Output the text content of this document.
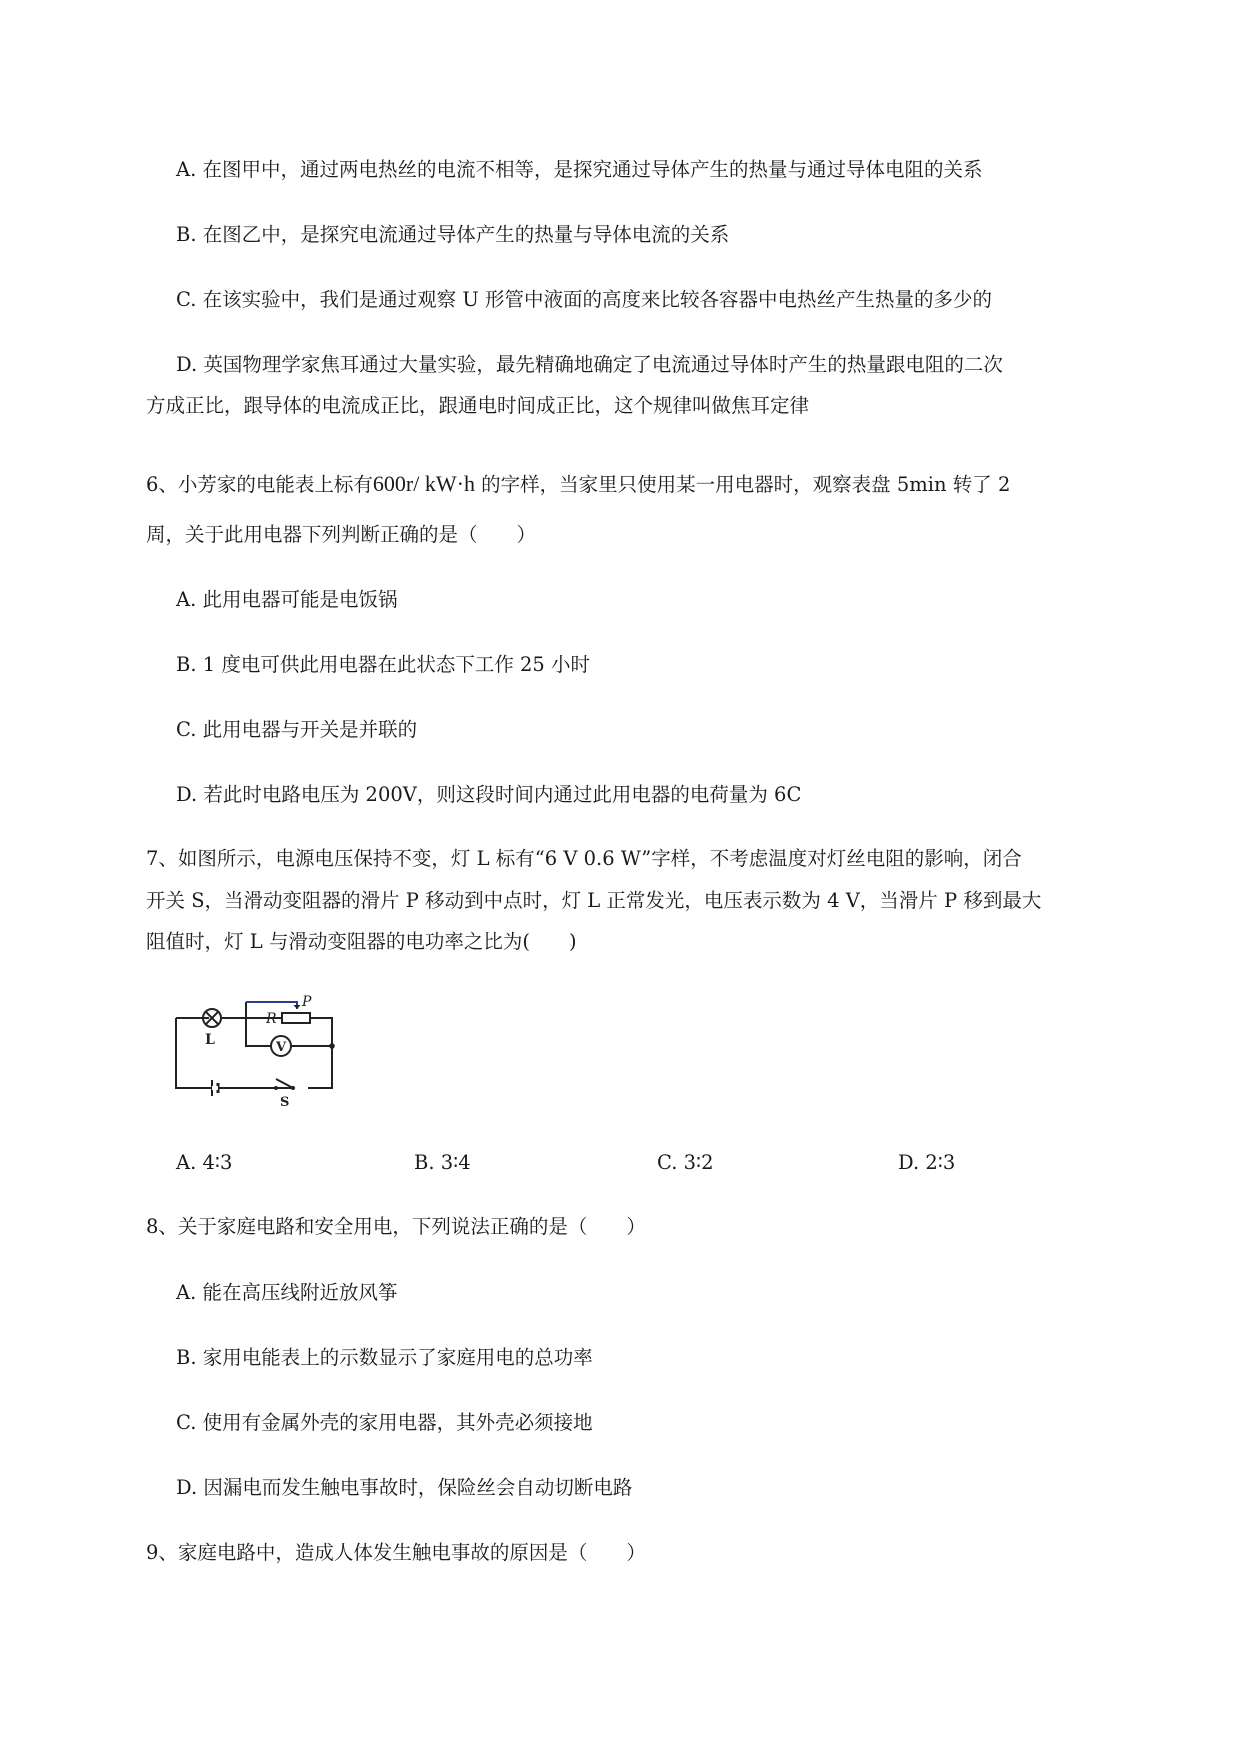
A. 在图甲中，通过两电热丝的电流不相等，是探究通过导体产生的热量与通过导体电阻的关系
B. 在图乙中，是探究电流通过导体产生的热量与导体电流的关系
C. 在该实验中，我们是通过观察 U 形管中液面的高度来比较各容器中电热丝产生热量的多少的
D. 英国物理学家焦耳通过大量实验，最先精确地确定了电流通过导体时产生的热量跟电阻的二次
方成正比，跟导体的电流成正比，跟通电时间成正比，这个规律叫做焦耳定律
6、小芳家的电能表上标有600r/ kW·h 的字样，当家里只使用某一用电器时，观察表盘 5min 转了 2
周，关于此用电器下列判断正确的是（　　）
A. 此用电器可能是电饭锅
B. 1 度电可供此用电器在此状态下工作 25 小时
C. 此用电器与开关是并联的
D. 若此时电路电压为 200V，则这段时间内通过此用电器的电荷量为 6C
7、如图所示，电源电压保持不变，灯 L 标有“6 V 0.6 W”字样，不考虑温度对灯丝电阻的影响，闭合
开关 S，当滑动变阻器的滑片 P 移动到中点时，灯 L 正常发光，电压表示数为 4 V，当滑片 P 移到最大
阻值时，灯 L 与滑动变阻器的电功率之比为(　　)
L
R
P
V
S
A. 4∶3	B. 3∶4	C. 3∶2	D. 2∶3
8、关于家庭电路和安全用电，下列说法正确的是（　　）
A. 能在高压线附近放风筝
B. 家用电能表上的示数显示了家庭用电的总功率
C. 使用有金属外壳的家用电器，其外壳必须接地
D. 因漏电而发生触电事故时，保险丝会自动切断电路
9、家庭电路中，造成人体发生触电事故的原因是（　　）
